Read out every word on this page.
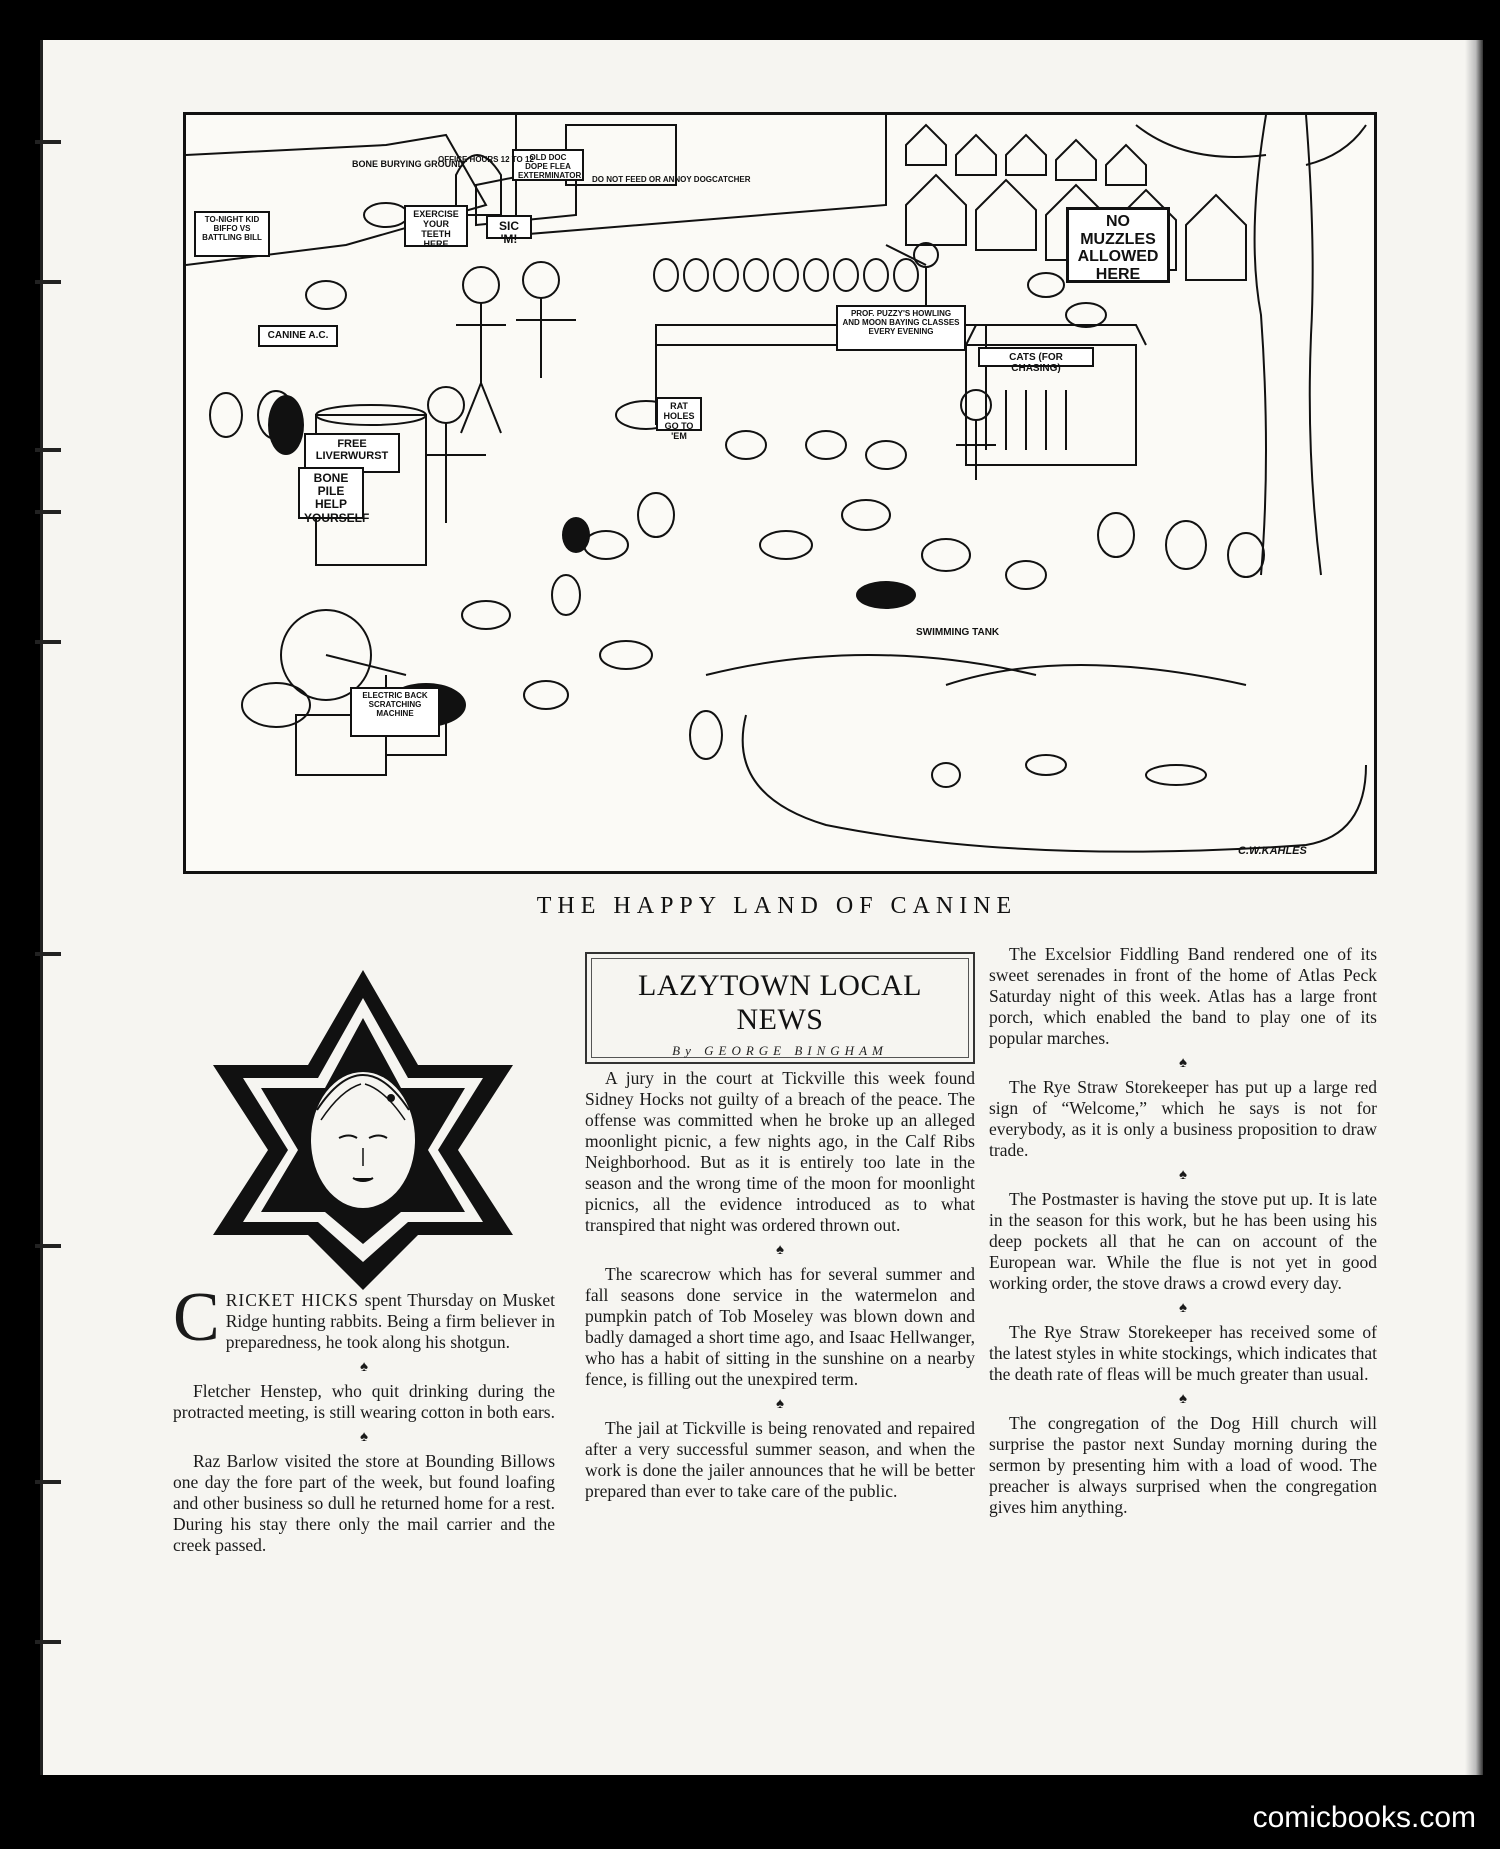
NO MUZZLES ALLOWED HERE
FREE LIVERWURST
BONE PILE HELP YOURSELF
EXERCISE YOUR TEETH HERE
SIC 'M!
RAT HOLES GO TO 'EM
OLD DOC DOPE FLEA EXTERMINATOR
OFFICE HOURS 12 TO 12
TO-NIGHT KID BIFFO VS BATTLING BILL
CANINE A.C.
BONE BURYING GROUND
DO NOT FEED OR ANNOY DOGCATCHER
PROF. PUZZY'S HOWLING AND MOON BAYING CLASSES EVERY EVENING
CATS (FOR CHASING)
SWIMMING TANK
ELECTRIC BACK SCRATCHING MACHINE
C.W.KAHLES
THE HAPPY LAND OF CANINE
LAZYTOWN LOCAL NEWS
By GEORGE BINGHAM

CRICKET HICKS spent Thursday on Musket Ridge hunting rabbits. Being a firm believer in preparedness, he took along his shotgun.

♠

Fletcher Henstep, who quit drinking during the protracted meeting, is still wearing cotton in both ears.

♠

Raz Barlow visited the store at Bounding Billows one day the fore part of the week, but found loafing and other business so dull he returned home for a rest. During his stay there only the mail carrier and the creek passed.

A jury in the court at Tickville this week found Sidney Hocks not guilty of a breach of the peace. The offense was committed when he broke up an alleged moonlight picnic, a few nights ago, in the Calf Ribs Neighborhood. But as it is entirely too late in the season and the wrong time of the moon for moonlight picnics, all the evidence introduced as to what transpired that night was ordered thrown out.

♠

The scarecrow which has for several summer and fall seasons done service in the watermelon and pumpkin patch of Tob Moseley was blown down and badly damaged a short time ago, and Isaac Hellwanger, who has a habit of sitting in the sunshine on a nearby fence, is filling out the unexpired term.

♠

The jail at Tickville is being renovated and repaired after a very successful summer season, and when the work is done the jailer announces that he will be better prepared than ever to take care of the public.

The Excelsior Fiddling Band rendered one of its sweet serenades in front of the home of Atlas Peck Saturday night of this week. Atlas has a large front porch, which enabled the band to play one of its popular marches.

♠

The Rye Straw Storekeeper has put up a large red sign of “Welcome,” which he says is not for everybody, as it is only a business proposition to draw trade.

♠

The Postmaster is having the stove put up. It is late in the season for this work, but he has been using his deep pockets all that he can on account of the European war. While the flue is not yet in good working order, the stove draws a crowd every day.

♠

The Rye Straw Storekeeper has received some of the latest styles in white stockings, which indicates that the death rate of fleas will be much greater than usual.

♠

The congregation of the Dog Hill church will surprise the pastor next Sunday morning during the sermon by presenting him with a load of wood. The preacher is always surprised when the congregation gives him anything.

comicbooks.com
